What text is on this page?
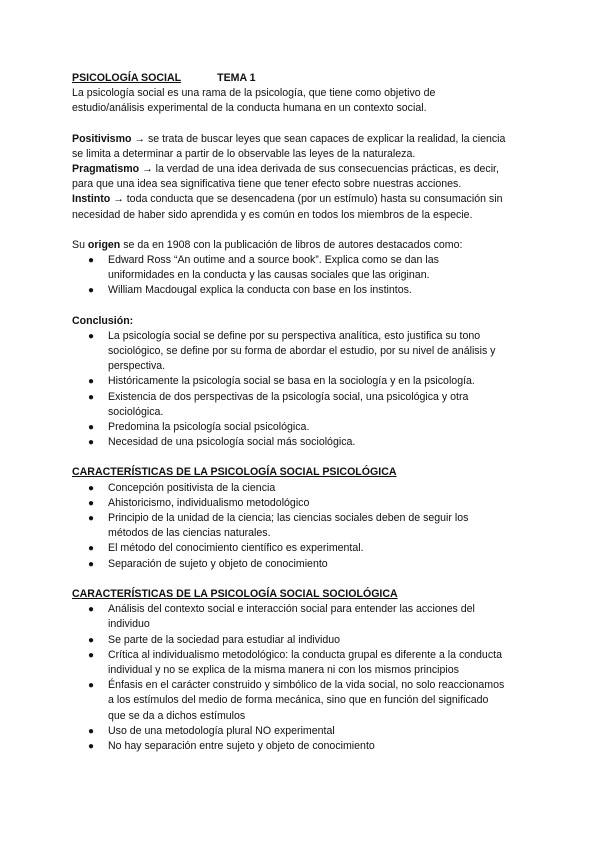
PSICOLOGÍA SOCIAL	TEMA 1

La psicología social es una rama de la psicología, que tiene como objetivo de
estudio/análisis experimental de la conducta humana en un contexto social.

Positivismo → se trata de buscar leyes que sean capaces de explicar la realidad, la ciencia
se limita a determinar a partir de lo observable las leyes de la naturaleza.

Pragmatismo → la verdad de una idea derivada de sus consecuencias prácticas, es decir,
para que una idea sea significativa tiene que tener efecto sobre nuestras acciones.

Instinto → toda conducta que se desencadena (por un estímulo) hasta su consumación sin
necesidad de haber sido aprendida y es común en todos los miembros de la especie.

Su origen se da en 1908 con la publicación de libros de autores destacados como:

● Edward Ross “An outime and a source book”. Explica como se dan las
uniformidades en la conducta y las causas sociales que las originan.
● William Macdougal explica la conducta con base en los instintos.

Conclusión:

● La psicología social se define por su perspectiva analítica, esto justifica su tono
sociológico, se define por su forma de abordar el estudio, por su nivel de análisis y
perspectiva.
● Históricamente la psicología social se basa en la sociología y en la psicología.
● Existencia de dos perspectivas de la psicología social, una psicológica y otra
sociológica.
● Predomina la psicología social psicológica.
● Necesidad de una psicología social más sociológica.

CARACTERÍSTICAS DE LA PSICOLOGÍA SOCIAL PSICOLÓGICA

● Concepción positivista de la ciencia
● Ahistoricismo, individualismo metodológico
● Principio de la unidad de la ciencia; las ciencias sociales deben de seguir los
métodos de las ciencias naturales.
● El método del conocimiento científico es experimental.
● Separación de sujeto y objeto de conocimiento

CARACTERÍSTICAS DE LA PSICOLOGÍA SOCIAL SOCIOLÓGICA

● Análisis del contexto social e interacción social para entender las acciones del
individuo
● Se parte de la sociedad para estudiar al individuo
● Crítica al individualismo metodológico: la conducta grupal es diferente a la conducta
individual y no se explica de la misma manera ni con los mismos principios
● Énfasis en el carácter construido y simbólico de la vida social, no solo reaccionamos
a los estímulos del medio de forma mecánica, sino que en función del significado
que se da a dichos estímulos
● Uso de una metodología plural NO experimental
● No hay separación entre sujeto y objeto de conocimiento
